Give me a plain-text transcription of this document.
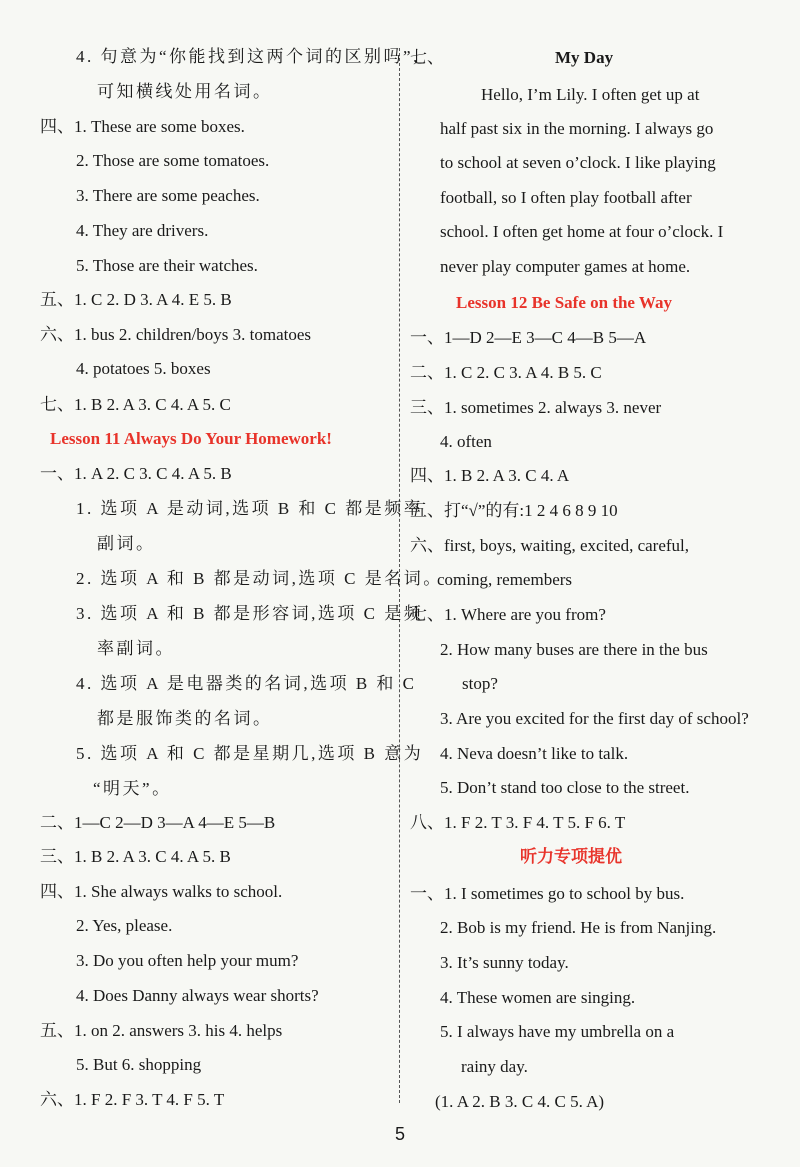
4. 句意为“你能找到这两个词的区别吗”,
可知横线处用名词。
四、1. These are some boxes.
2. Those are some tomatoes.
3. There are some peaches.
4. They are drivers.
5. Those are their watches.
五、1. C 2. D 3. A 4. E 5. B
六、1. bus 2. children/boys 3. tomatoes
4. potatoes 5. boxes
七、1. B 2. A 3. C 4. A 5. C
Lesson 11 Always Do Your Homework!
一、1. A 2. C 3. C 4. A 5. B
1. 选项 A 是动词,选项 B 和 C 都是频率
副词。
2. 选项 A 和 B 都是动词,选项 C 是名词。
3. 选项 A 和 B 都是形容词,选项 C 是频
率副词。
4. 选项 A 是电器类的名词,选项 B 和 C
都是服饰类的名词。
5. 选项 A 和 C 都是星期几,选项 B 意为
“明天”。
二、1—C 2—D 3—A 4—E 5—B
三、1. B 2. A 3. C 4. A 5. B
四、1. She always walks to school.
2. Yes, please.
3. Do you often help your mum?
4. Does Danny always wear shorts?
五、1. on 2. answers 3. his 4. helps
5. But 6. shopping
六、1. F 2. F 3. T 4. F 5. T
七、	My Day
Hello, I’m Lily. I often get up at
half past six in the morning. I always go
to school at seven o’clock. I like playing
football, so I often play football after
school. I often get home at four o’clock. I
never play computer games at home.
Lesson 12 Be Safe on the Way
一、1—D 2—E 3—C 4—B 5—A
二、1. C 2. C 3. A 4. B 5. C
三、1. sometimes 2. always 3. never
4. often
四、1. B 2. A 3. C 4. A
五、打“√”的有:1 2 4 6 8 9 10
六、first, boys, waiting, excited, careful,
coming, remembers
七、1. Where are you from?
2. How many buses are there in the bus
stop?
3. Are you excited for the first day of school?
4. Neva doesn’t like to talk.
5. Don’t stand too close to the street.
八、1. F 2. T 3. F 4. T 5. F 6. T
听力专项提优
一、1. I sometimes go to school by bus.
2. Bob is my friend. He is from Nanjing.
3. It’s sunny today.
4. These women are singing.
5. I always have my umbrella on a
rainy day.
(1. A 2. B 3. C 4. C 5. A)
5
